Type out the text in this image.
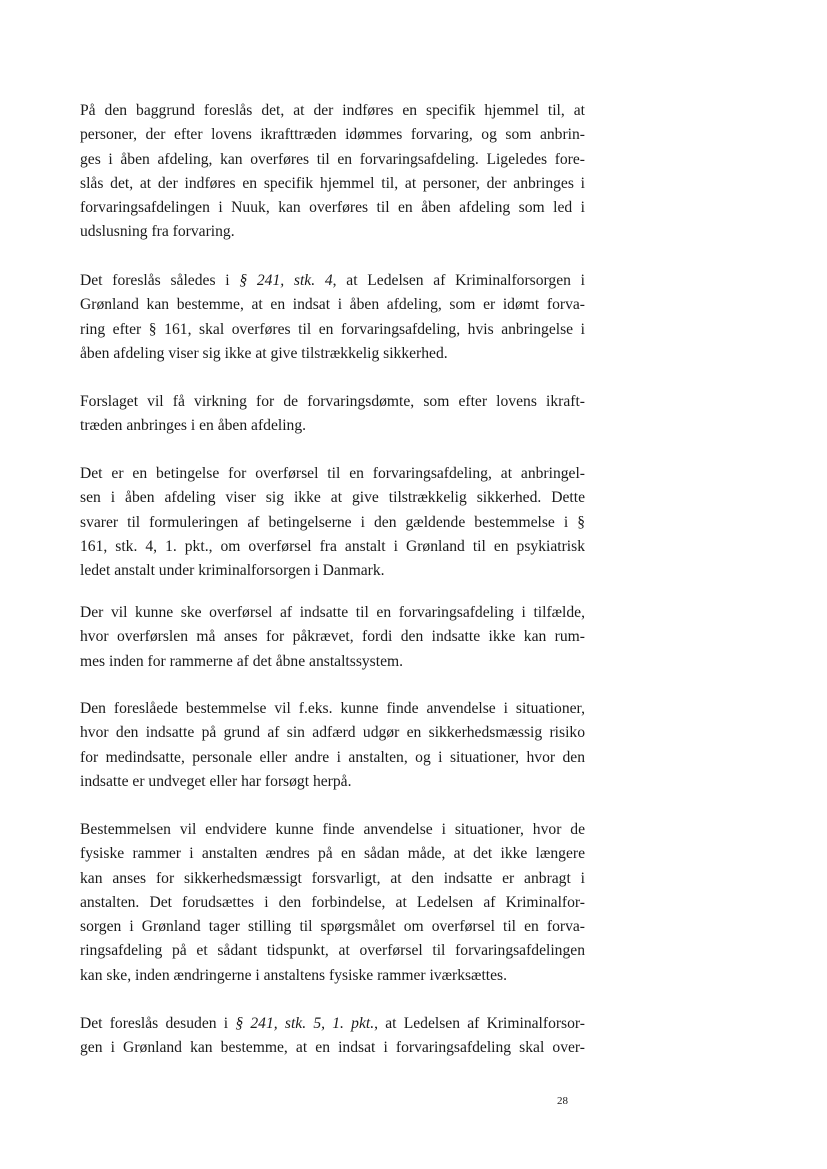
På den baggrund foreslås det, at der indføres en specifik hjemmel til, at
personer, der efter lovens ikrafttræden idømmes forvaring, og som anbrin-
ges i åben afdeling, kan overføres til en forvaringsafdeling. Ligeledes fore-
slås det, at der indføres en specifik hjemmel til, at personer, der anbringes i
forvaringsafdelingen i Nuuk, kan overføres til en åben afdeling som led i
udslusning fra forvaring.
Det foreslås således i § 241, stk. 4, at Ledelsen af Kriminalforsorgen i
Grønland kan bestemme, at en indsat i åben afdeling, som er idømt forva-
ring efter § 161, skal overføres til en forvaringsafdeling, hvis anbringelse i
åben afdeling viser sig ikke at give tilstrækkelig sikkerhed.
Forslaget vil få virkning for de forvaringsdømte, som efter lovens ikraft-
træden anbringes i en åben afdeling.
Det er en betingelse for overførsel til en forvaringsafdeling, at anbringel-
sen i åben afdeling viser sig ikke at give tilstrækkelig sikkerhed. Dette
svarer til formuleringen af betingelserne i den gældende bestemmelse i §
161, stk. 4, 1. pkt., om overførsel fra anstalt i Grønland til en psykiatrisk
ledet anstalt under kriminalforsorgen i Danmark.
Der vil kunne ske overførsel af indsatte til en forvaringsafdeling i tilfælde,
hvor overførslen må anses for påkrævet, fordi den indsatte ikke kan rum-
mes inden for rammerne af det åbne anstaltssystem.
Den foreslåede bestemmelse vil f.eks. kunne finde anvendelse i situationer,
hvor den indsatte på grund af sin adfærd udgør en sikkerhedsmæssig risiko
for medindsatte, personale eller andre i anstalten, og i situationer, hvor den
indsatte er undveget eller har forsøgt herpå.
Bestemmelsen vil endvidere kunne finde anvendelse i situationer, hvor de
fysiske rammer i anstalten ændres på en sådan måde, at det ikke længere
kan anses for sikkerhedsmæssigt forsvarligt, at den indsatte er anbragt i
anstalten. Det forudsættes i den forbindelse, at Ledelsen af Kriminalfor-
sorgen i Grønland tager stilling til spørgsmålet om overførsel til en forva-
ringsafdeling på et sådant tidspunkt, at overførsel til forvaringsafdelingen
kan ske, inden ændringerne i anstaltens fysiske rammer iværksættes.
Det foreslås desuden i § 241, stk. 5, 1. pkt., at Ledelsen af Kriminalforsor-
gen i Grønland kan bestemme, at en indsat i forvaringsafdeling skal over-
28
